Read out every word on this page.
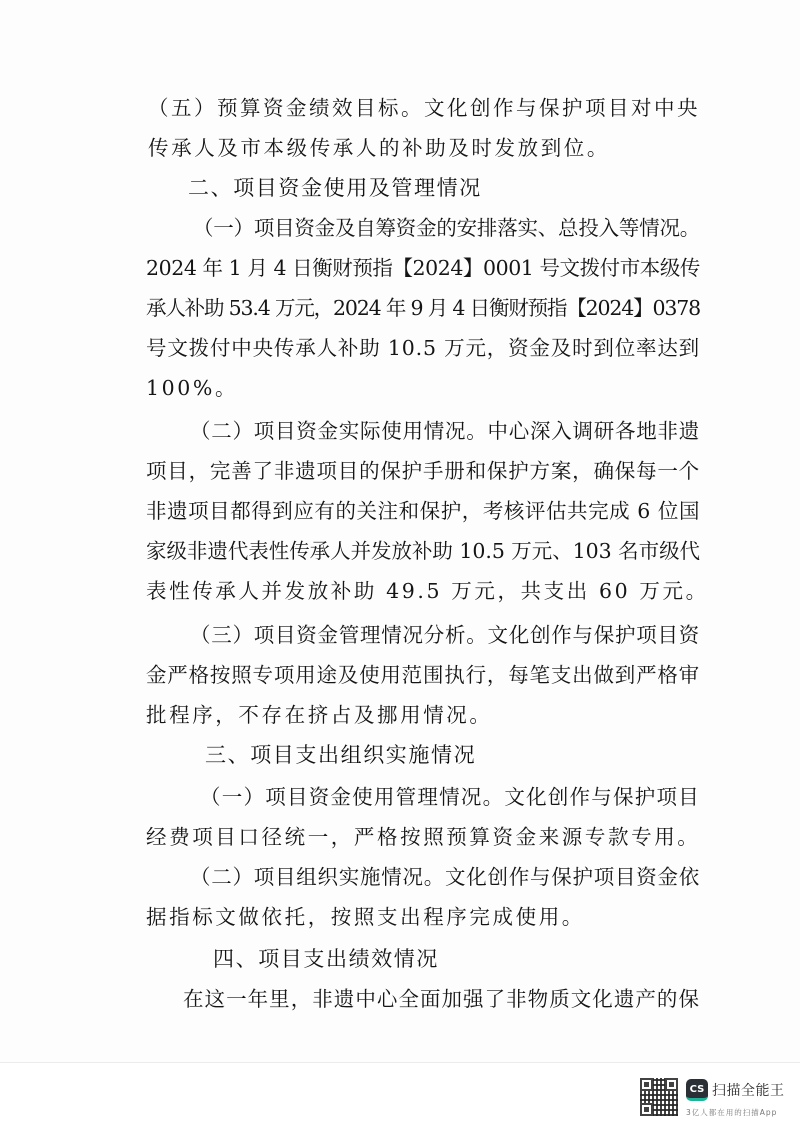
（五）预算资金绩效目标。文化创作与保护项目对中央
传承人及市本级传承人的补助及时发放到位。
二、项目资金使用及管理情况
（一）项目资金及自筹资金的安排落实、总投入等情况。
2024 年 1 月 4 日衡财预指【2024】0001 号文拨付市本级传
承人补助 53.4 万元，2024 年 9 月 4 日衡财预指【2024】0378
号文拨付中央传承人补助 10.5 万元，资金及时到位率达到
100%。
（二）项目资金实际使用情况。中心深入调研各地非遗
项目，完善了非遗项目的保护手册和保护方案，确保每一个
非遗项目都得到应有的关注和保护，考核评估共完成 6 位国
家级非遗代表性传承人并发放补助 10.5 万元、103 名市级代
表性传承人并发放补助 49.5 万元，共支出 60 万元。
（三）项目资金管理情况分析。文化创作与保护项目资
金严格按照专项用途及使用范围执行，每笔支出做到严格审
批程序，不存在挤占及挪用情况。
三、项目支出组织实施情况
（一）项目资金使用管理情况。文化创作与保护项目
经费项目口径统一，严格按照预算资金来源专款专用。
（二）项目组织实施情况。文化创作与保护项目资金依
据指标文做依托，按照支出程序完成使用。
四、项目支出绩效情况
在这一年里，非遗中心全面加强了非物质文化遗产的保
CS 扫描全能王
3亿人都在用的扫描App
